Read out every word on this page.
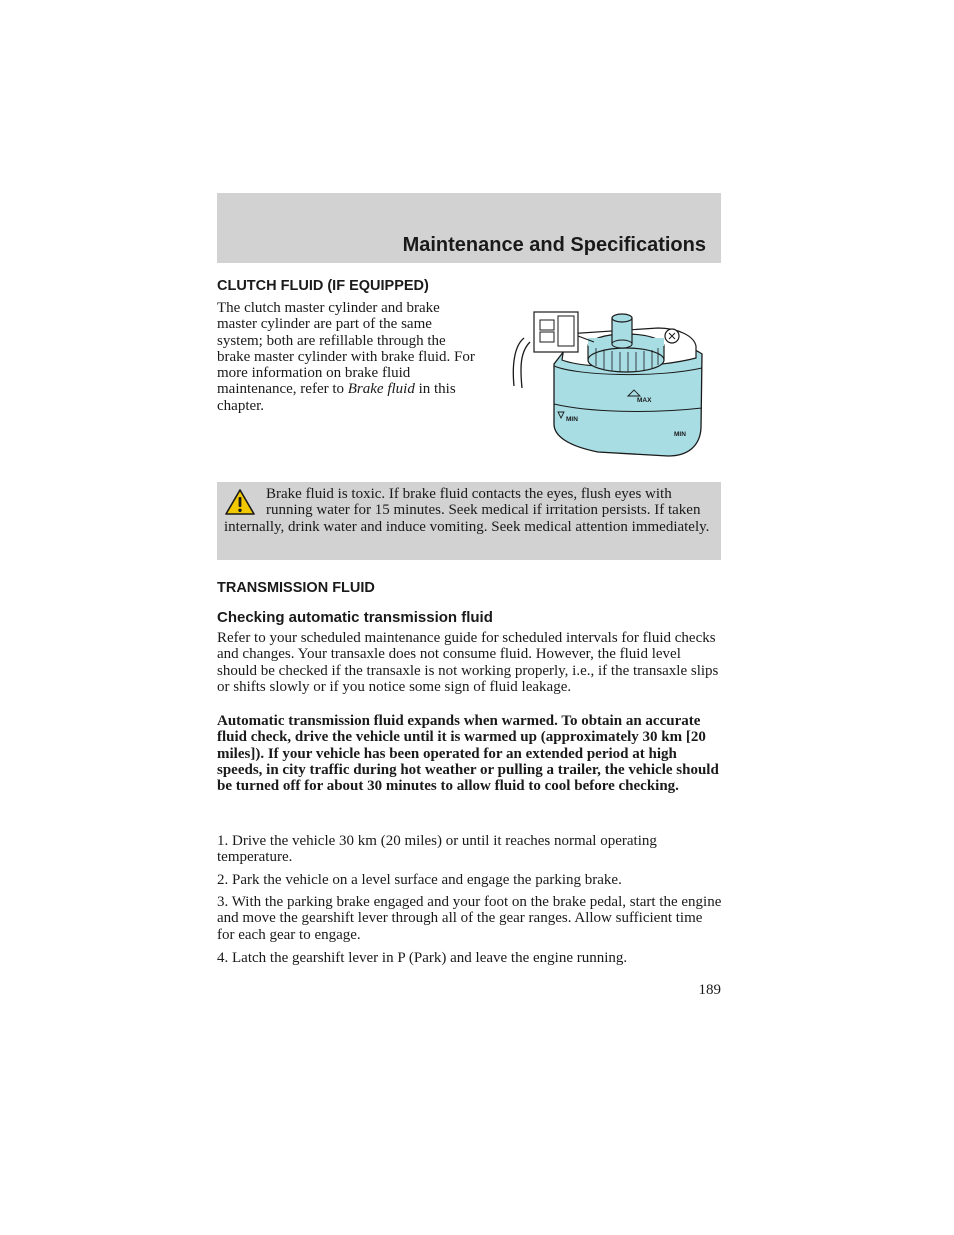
Maintenance and Specifications
CLUTCH FLUID (IF EQUIPPED)

The clutch master cylinder and brake master cylinder are part of the same system; both are refillable through the brake master cylinder with brake fluid. For more information on brake fluid maintenance, refer to Brake fluid in this chapter.	MAX
MIN
MIN

Brake fluid is toxic. If brake fluid contacts the eyes, flush eyes with running water for 15 minutes. Seek medical if irritation persists. If taken internally, drink water and induce vomiting. Seek medical attention immediately.

TRANSMISSION FLUID
Checking automatic transmission fluid

Refer to your scheduled maintenance guide for scheduled intervals for fluid checks and changes. Your transaxle does not consume fluid. However, the fluid level should be checked if the transaxle is not working properly, i.e., if the transaxle slips or shifts slowly or if you notice some sign of fluid leakage.

Automatic transmission fluid expands when warmed. To obtain an accurate fluid check, drive the vehicle until it is warmed up (approximately 30 km [20 miles]). If your vehicle has been operated for an extended period at high speeds, in city traffic during hot weather or pulling a trailer, the vehicle should be turned off for about 30 minutes to allow fluid to cool before checking.

1. Drive the vehicle 30 km (20 miles) or until it reaches normal operating temperature.

2. Park the vehicle on a level surface and engage the parking brake.

3. With the parking brake engaged and your foot on the brake pedal, start the engine and move the gearshift lever through all of the gear ranges. Allow sufficient time for each gear to engage.

4. Latch the gearshift lever in P (Park) and leave the engine running.

189
